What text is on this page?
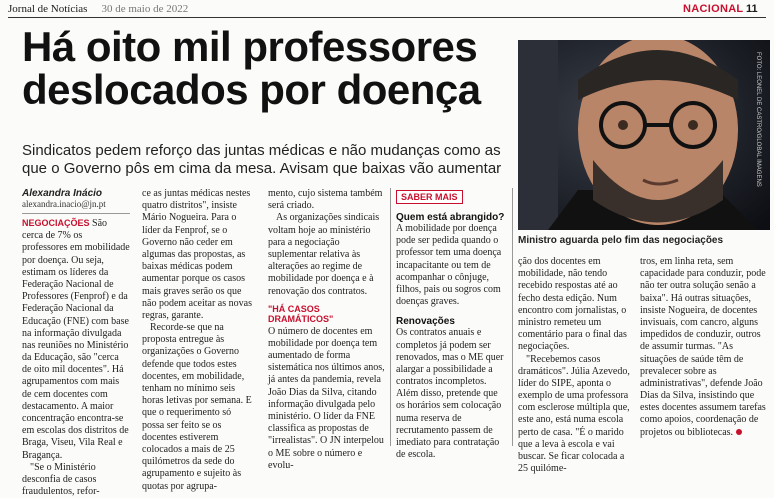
Jornal de Notícias 30 de maio de 2022	NACIONAL 11
Há oito mil professores deslocados por doença	FOTO: LEONEL DE CASTRO/GLOBAL IMAGENS
Ministro aguarda pelo fim das negociações
Sindicatos pedem reforço das juntas médicas e não mudanças como as que o Governo pôs em cima da mesa. Avisam que baixas vão aumentar
Alexandra Inácio
alexandra.inacio@jn.pt

NEGOCIAÇÕES São cerca de 7% os professores em mobilidade por doença. Ou seja, estimam os líderes da Federação Nacional de Professores (Fenprof) e da Federação Nacional da Educação (FNE) com base na informação divulgada nas reuniões no Ministério da Educação, são "cerca de oito mil docentes". Há agrupamentos com mais de cem docentes com destacamento. A maior concentração encontra-se em escolas dos distritos de Braga, Viseu, Vila Real e Bragança.

"Se o Ministério desconfia de casos fraudulentos, refor-

ce as juntas médicas nestes quatro distritos", insiste Mário Nogueira. Para o líder da Fenprof, se o Governo não ceder em algumas das propostas, as baixas médicas podem aumentar porque os casos mais graves serão os que não podem aceitar as novas regras, garante.

Recorde-se que na proposta entregue às organizações o Governo defende que todos estes docentes, em mobilidade, tenham no mínimo seis horas letivas por semana. E que o requerimento só possa ser feito se os docentes estiverem colocados a mais de 25 quilómetros da sede do agrupamento e sujeito às quotas por agrupa-

mento, cujo sistema também será criado.

As organizações sindicais voltam hoje ao ministério para a negociação suplementar relativa às alterações ao regime de mobilidade por doença e à renovação dos contratos.

"HÁ CASOS DRAMÁTICOS"

O número de docentes em mobilidade por doença tem aumentado de forma sistemática nos últimos anos, já antes da pandemia, revela João Dias da Silva, citando informação divulgada pelo ministério. O líder da FNE classifica as propostas de "irrealistas". O JN interpelou o ME sobre o número e evolu-

SABER MAIS
Quem está abrangido?

A mobilidade por doença pode ser pedida quando o professor tem uma doença incapacitante ou tem de acompanhar o cônjuge, filhos, pais ou sogros com doenças graves.

Renovações

Os contratos anuais e completos já podem ser renovados, mas o ME quer alargar a possibilidade a contratos incompletos. Além disso, pretende que os horários sem colocação numa reserva de recrutamento passem de imediato para contratação de escola.

ção dos docentes em mobilidade, não tendo recebido respostas até ao fecho desta edição. Num encontro com jornalistas, o ministro remeteu um comentário para o final das negociações.

"Recebemos casos dramáticos". Júlia Azevedo, líder do SIPE, aponta o exemplo de uma professora com esclerose múltipla que, este ano, está numa escola perto de casa. "É o marido que a leva à escola e vai buscar. Se ficar colocada a 25 quilóme-

tros, em linha reta, sem capacidade para conduzir, pode não ter outra solução senão a baixa". Há outras situações, insiste Nogueira, de docentes invisuais, com cancro, alguns impedidos de conduzir, outros de assumir turmas. "As situações de saúde têm de prevalecer sobre as administrativas", defende João Dias da Silva, insistindo que estes docentes assumem tarefas como apoios, coordenação de projetos ou bibliotecas.
